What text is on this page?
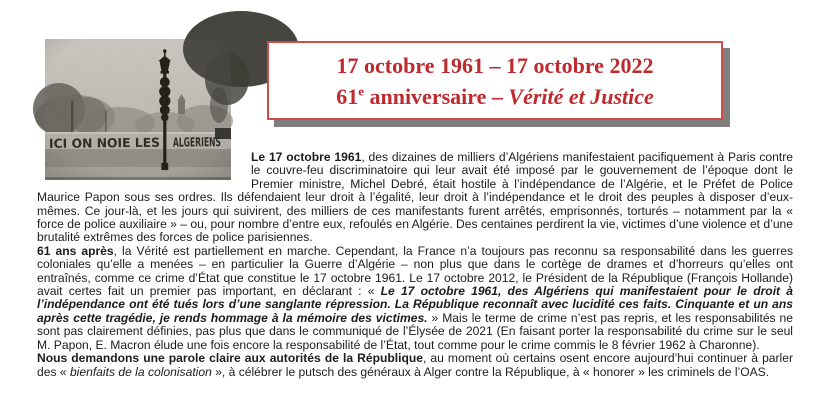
17 octobre 1961 – 17 octobre 2022
61e anniversaire – Vérité et Justice

Le 17 octobre 1961, des dizaines de milliers d’Algériens manifestaient pacifiquement à Paris contre le couvre-feu discriminatoire qui leur avait été imposé par le gouvernement de l’époque dont le Premier ministre, Michel Debré, était hostile à l’indépendance de l’Algérie, et le Préfet de Police Maurice Papon sous ses ordres. Ils défendaient leur droit à l’égalité, leur droit à l’indépendance et le droit des peuples à disposer d’eux-mêmes. Ce jour-là, et les jours qui suivirent, des milliers de ces manifestants furent arrêtés, emprisonnés, torturés – notamment par la « force de police auxiliaire » – ou, pour nombre d’entre eux, refoulés en Algérie. Des centaines perdirent la vie, victimes d’une violence et d’une brutalité extrêmes des forces de police parisiennes.

61 ans après, la Vérité est partiellement en marche. Cependant, la France n’a toujours pas reconnu sa responsabilité dans les guerres coloniales qu’elle a menées – en particulier la Guerre d’Algérie – non plus que dans le cortège de drames et d’horreurs qu’elles ont entraînés, comme ce crime d’État que constitue le 17 octobre 1961. Le 17 octobre 2012, le Président de la République (François Hollande) avait certes fait un premier pas important, en déclarant : « Le 17 octobre 1961, des Algériens qui manifestaient pour le droit à l’indépendance ont été tués lors d’une sanglante répression. La République reconnaît avec lucidité ces faits. Cinquante et un ans après cette tragédie, je rends hommage à la mémoire des victimes. » Mais le terme de crime n’est pas repris, et les responsabilités ne sont pas clairement définies, pas plus que dans le communiqué de l’Élysée de 2021 (En faisant porter la responsabilité du crime sur le seul M. Papon, E. Macron élude une fois encore la responsabilité de l’État, tout comme pour le crime commis le 8 février 1962 à Charonne).

Nous demandons une parole claire aux autorités de la République, au moment où certains osent encore aujourd’hui continuer à parler des « bienfaits de la colonisation », à célébrer le putsch des généraux à Alger contre la République, à « honorer » les criminels de l’OAS.
